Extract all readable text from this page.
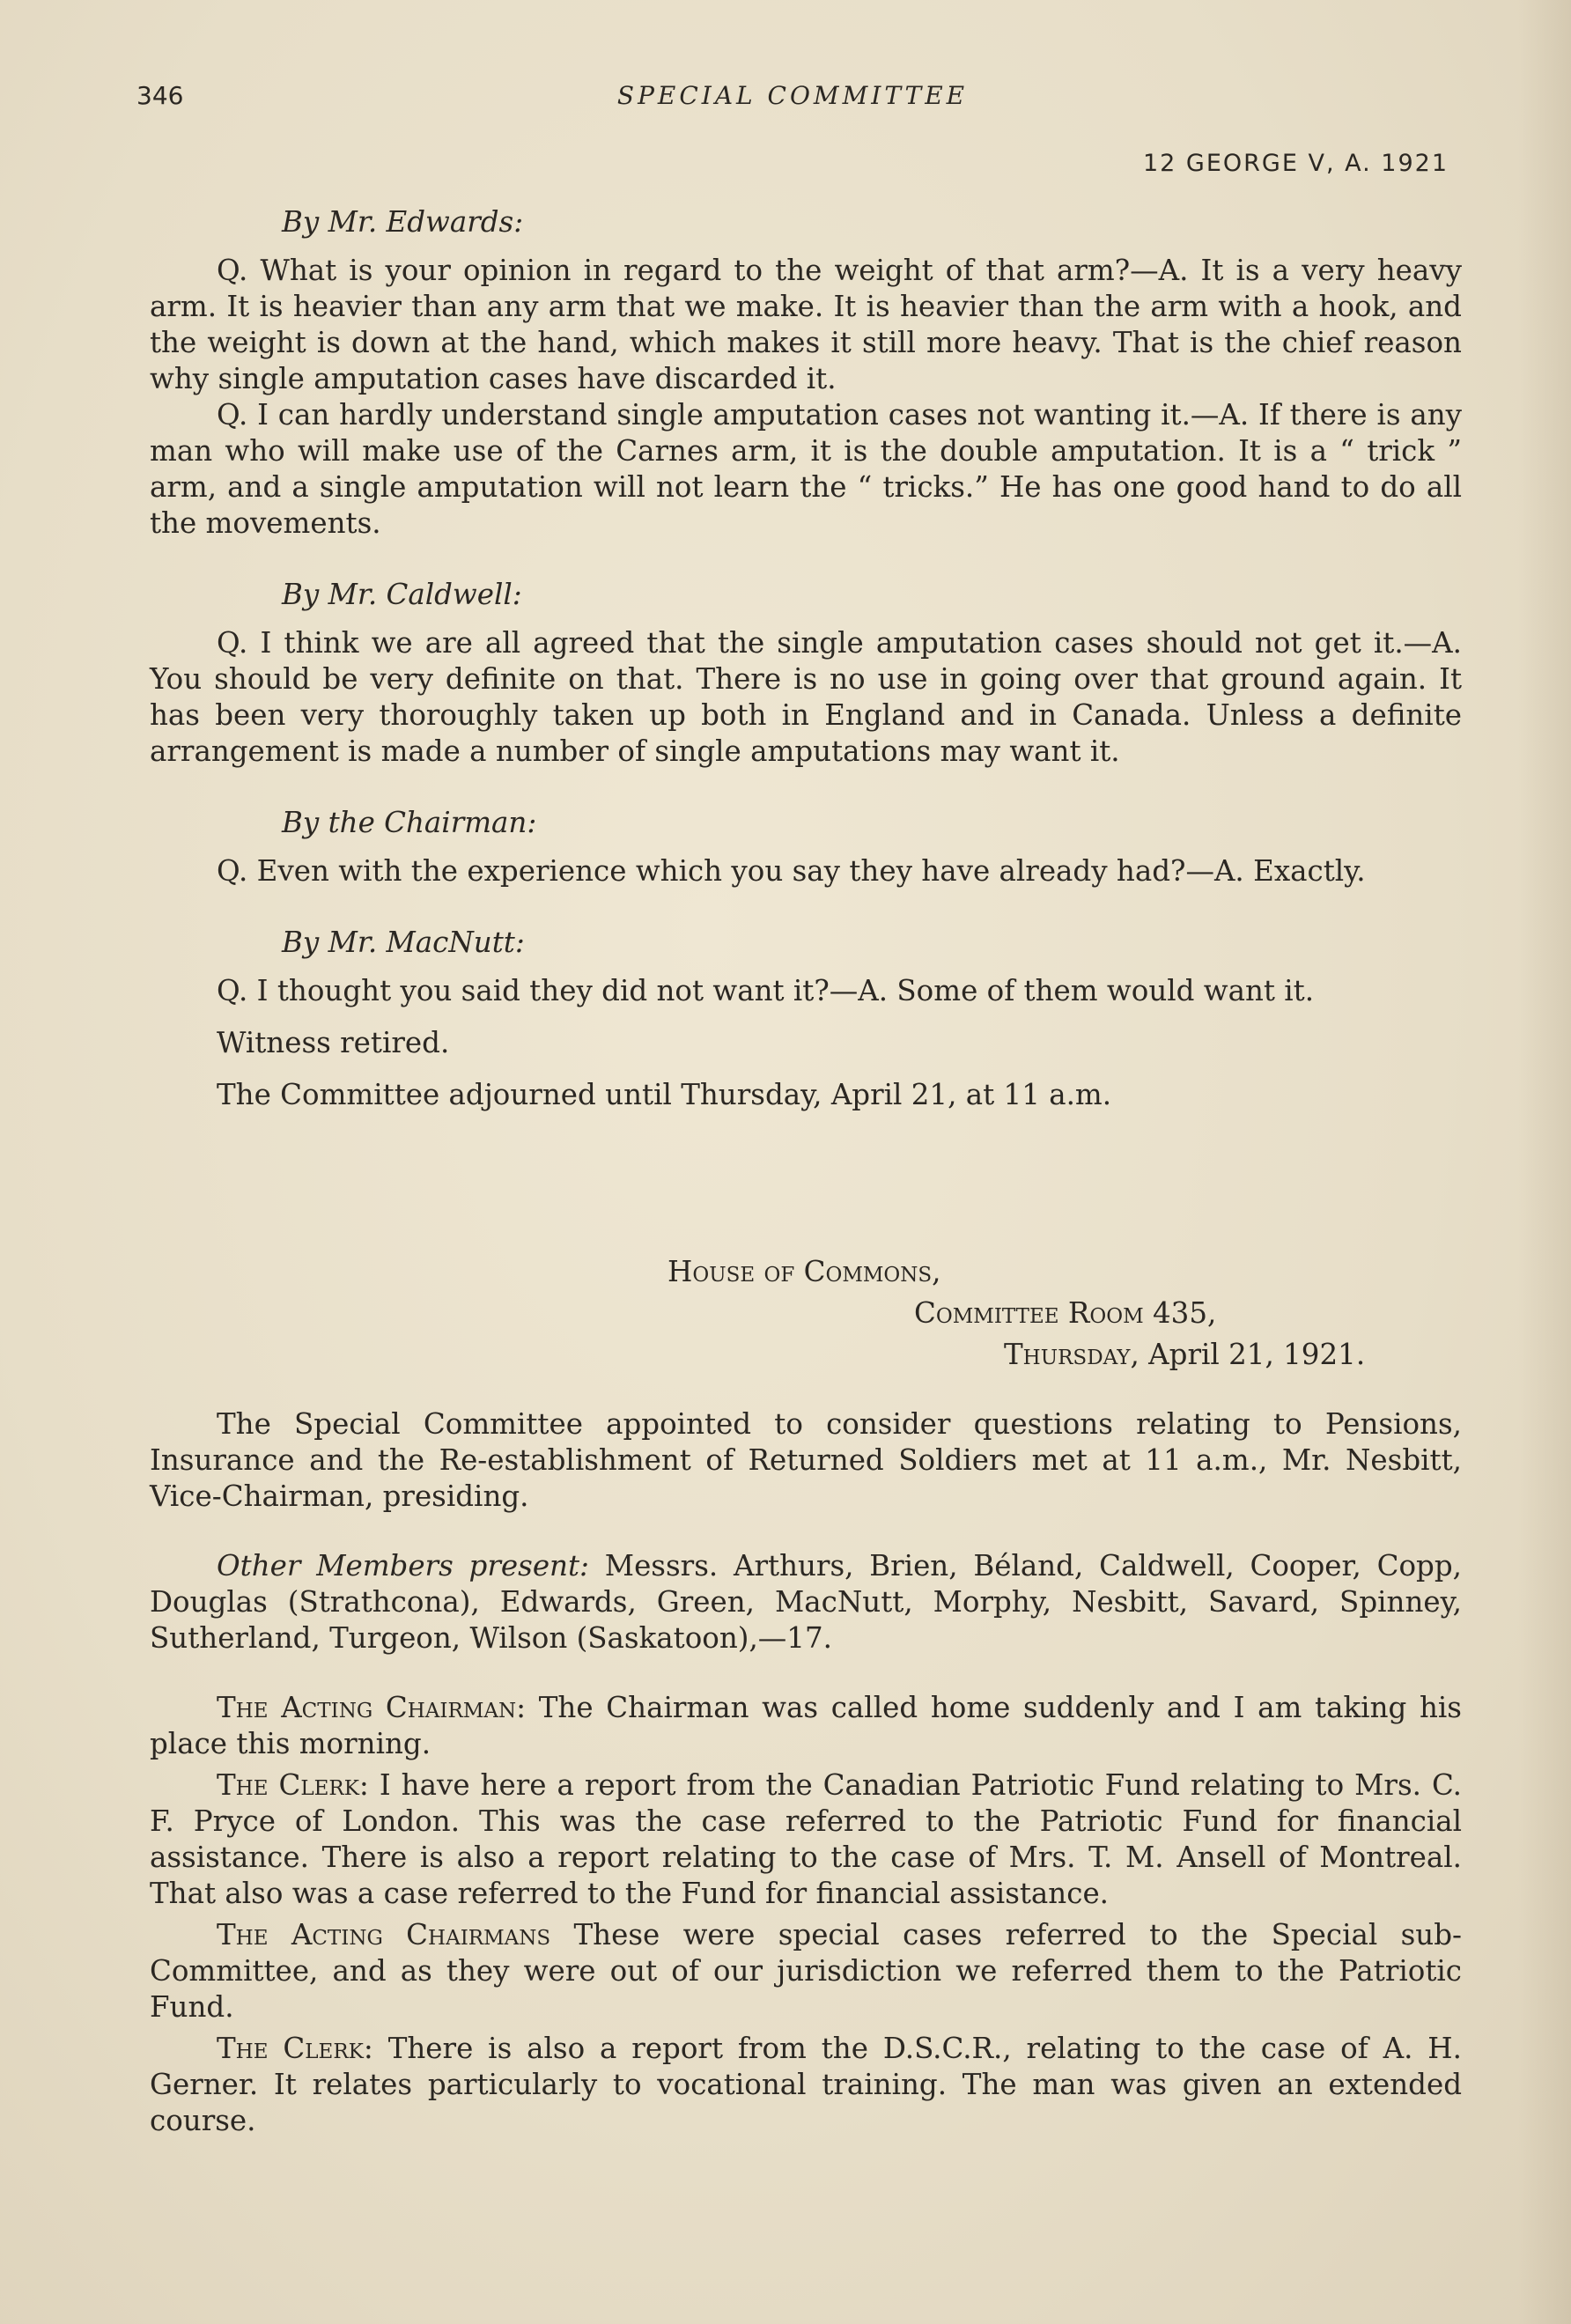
346	SPECIAL COMMITTEE
12 GEORGE V, A. 1921
By Mr. Edwards:

Q. What is your opinion in regard to the weight of that arm?—A. It is a very heavy arm. It is heavier than any arm that we make. It is heavier than the arm with a hook, and the weight is down at the hand, which makes it still more heavy. That is the chief reason why single amputation cases have discarded it.

Q. I can hardly understand single amputation cases not wanting it.—A. If there is any man who will make use of the Carnes arm, it is the double amputation. It is a “ trick ” arm, and a single amputation will not learn the “ tricks.” He has one good hand to do all the movements.

By Mr. Caldwell:

Q. I think we are all agreed that the single amputation cases should not get it.—A. You should be very definite on that. There is no use in going over that ground again. It has been very thoroughly taken up both in England and in Canada. Unless a definite arrangement is made a number of single amputations may want it.

By the Chairman:

Q. Even with the experience which you say they have already had?—A. Exactly.

By Mr. MacNutt:

Q. I thought you said they did not want it?—A. Some of them would want it.

Witness retired.

The Committee adjourned until Thursday, April 21, at 11 a.m.

House of Commons,
Committee Room 435,
Thursday, April 21, 1921.

The Special Committee appointed to consider questions relating to Pensions, Insurance and the Re-establishment of Returned Soldiers met at 11 a.m., Mr. Nesbitt, Vice-Chairman, presiding.

Other Members present: Messrs. Arthurs, Brien, Béland, Caldwell, Cooper, Copp, Douglas (Strathcona), Edwards, Green, MacNutt, Morphy, Nesbitt, Savard, Spinney, Sutherland, Turgeon, Wilson (Saskatoon),—17.

The Acting Chairman: The Chairman was called home suddenly and I am taking his place this morning.

The Clerk: I have here a report from the Canadian Patriotic Fund relating to Mrs. C. F. Pryce of London. This was the case referred to the Patriotic Fund for financial assistance. There is also a report relating to the case of Mrs. T. M. Ansell of Montreal. That also was a case referred to the Fund for financial assistance.

The Acting Chairmans These were special cases referred to the Special sub-Committee, and as they were out of our jurisdiction we referred them to the Patriotic Fund.

The Clerk: There is also a report from the D.S.C.R., relating to the case of A. H. Gerner. It relates particularly to vocational training. The man was given an extended course.
